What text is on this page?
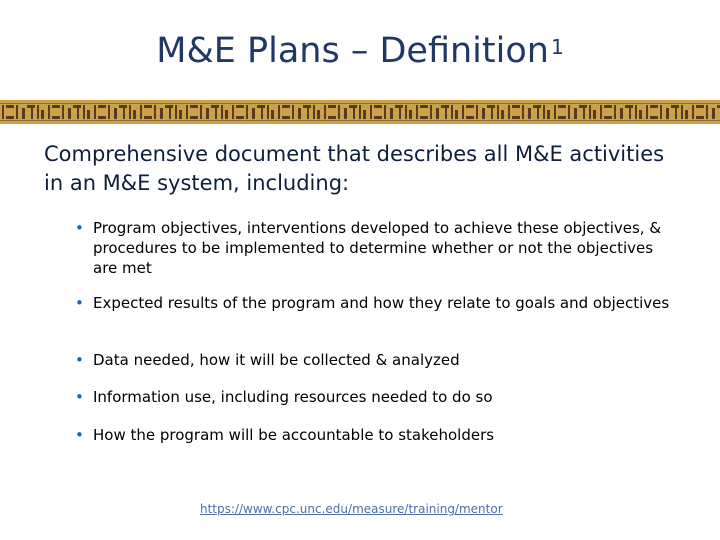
M&E Plans – Definition $^1$
Comprehensive document that describes all M&E activities in an M&E system, including:
• Program objectives, interventions developed to achieve these objectives, & procedures to be implemented to determine whether or not the objectives are met
• Expected results of the program and how they relate to goals and objectives
• Data needed, how it will be collected & analyzed
• Information use, including resources needed to do so
• How the program will be accountable to stakeholders
https://www.cpc.unc.edu/measure/training/mentor
